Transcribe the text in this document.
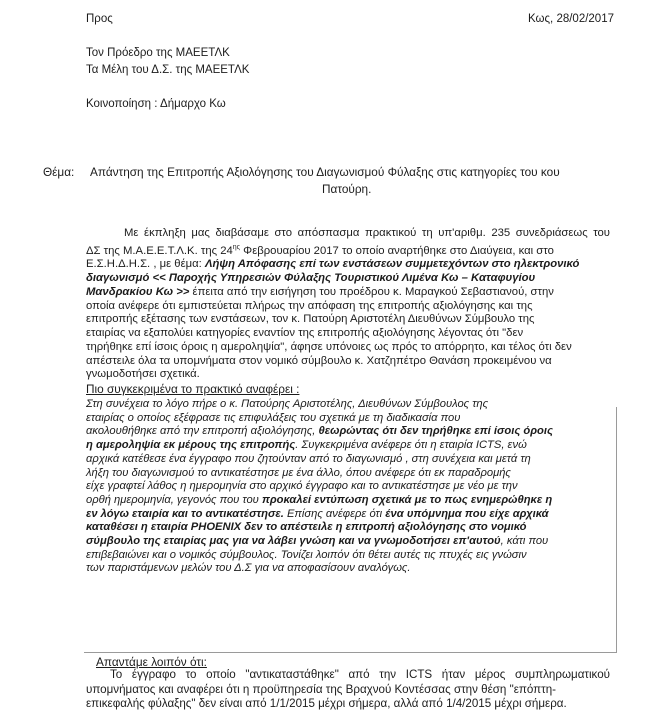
Προς	Κως, 28/02/2017
Τον Πρόεδρο της ΜΑΕΕΤΛΚ
Τα Μέλη του Δ.Σ. της ΜΑΕΕΤΛΚ
Κοινοποίηση : Δήμαρχο Κω
Θέμα: Απάντηση της Επιτροπής Αξιολόγησης του Διαγωνισμού Φύλαξης στις κατηγορίες του κου
Πατούρη.
Με έκπληξη μας διαβάσαμε στο απόσπασμα πρακτικού τη υπ'αριθμ. 235 συνεδριάσεως του
ΔΣ της Μ.Α.Ε.Ε.Τ.Λ.Κ. της $24^{\eta\varsigma}$ Φεβρουαρίου 2017 το οποίο αναρτήθηκε στο Διαύγεια, και στο
Ε.Σ.Η.Δ.Η.Σ. , με θέμα: Λήψη Απόφασης επί των ενστάσεων συμμετεχόντων στο ηλεκτρονικό
διαγωνισμό << Παροχής Υπηρεσιών Φύλαξης Τουριστικού Λιμένα Κω – Καταφυγίου
Μανδρακίου Κω >> έπειτα από την εισήγηση του προέδρου κ. Μαραγκού Σεβαστιανού, στην
οποία ανέφερε ότι εμπιστεύεται πλήρως την απόφαση της επιτροπής αξιολόγησης και της
επιτροπής εξέτασης των ενστάσεων, τον κ. Πατούρη Αριστοτέλη Διευθύνων Σύμβουλο της
εταιρίας να εξαπολύει κατηγορίες εναντίον της επιτροπής αξιολόγησης λέγοντας ότι "δεν
τηρήθηκε επί ίσοις όροις η αμεροληψία", άφησε υπόνοιες ως πρός το απόρρητο, και τέλος ότι δεν
απέστειλε όλα τα υπομνήματα στον νομικό σύμβουλο κ. Χατζηπέτρο Θανάση προκειμένου να
γνωμοδοτήσει σχετικά.
Πιο συγκεκριμένα το πρακτικό αναφέρει :
Στη συνέχεια το λόγο πήρε ο κ. Πατούρης Αριστοτέλης, Διευθύνων Σύμβουλος της
εταιρίας ο οποίος εξέφρασε τις επιφυλάξεις του σχετικά με τη διαδικασία που
ακολουθήθηκε από την επιτροπή αξιολόγησης, θεωρώντας ότι δεν τηρήθηκε επί ίσοις όροις
η αμεροληψία εκ μέρους της επιτροπής. Συγκεκριμένα ανέφερε ότι η εταιρία ICTS, ενώ
αρχικά κατέθεσε ένα έγγραφο που ζητούνταν από το διαγωνισμό , στη συνέχεια και μετά τη
λήξη του διαγωνισμού το αντικατέστησε με ένα άλλο, όπου ανέφερε ότι εκ παραδρομής
είχε γραφτεί λάθος η ημερομηνία στο αρχικό έγγραφο και το αντικατέστησε με νέο με την
ορθή ημερομηνία, γεγονός που του προκαλεί εντύπωση σχετικά με το πως ενημερώθηκε η
εν λόγω εταιρία και το αντικατέστησε. Επίσης ανέφερε ότι ένα υπόμνημα που είχε αρχικά
καταθέσει η εταιρία PHOENIX δεν το απέστειλε η επιτροπή αξιολόγησης στο νομικό
σύμβουλο της εταιρίας μας για να λάβει γνώση και να γνωμοδοτήσει επ'αυτού, κάτι που
επιβεβαιώνει και ο νομικός σύμβουλος. Τονίζει λοιπόν ότι θέτει αυτές τις πτυχές εις γνώσιν
των παριστάμενων μελών του Δ.Σ για να αποφασίσουν αναλόγως.
Απαντάμε λοιπόν ότι:
Το έγγραφο το οποίο "αντικαταστάθηκε" από την ICTS ήταν μέρος συμπληρωματικού
υπομνήματος και αναφέρει ότι η προϋπηρεσία της Βραχνού Κοντέσσας στην θέση "επόπτη-
επικεφαλής φύλαξης" δεν είναι από 1/1/2015 μέχρι σήμερα, αλλά από 1/4/2015 μέχρι σήμερα.
